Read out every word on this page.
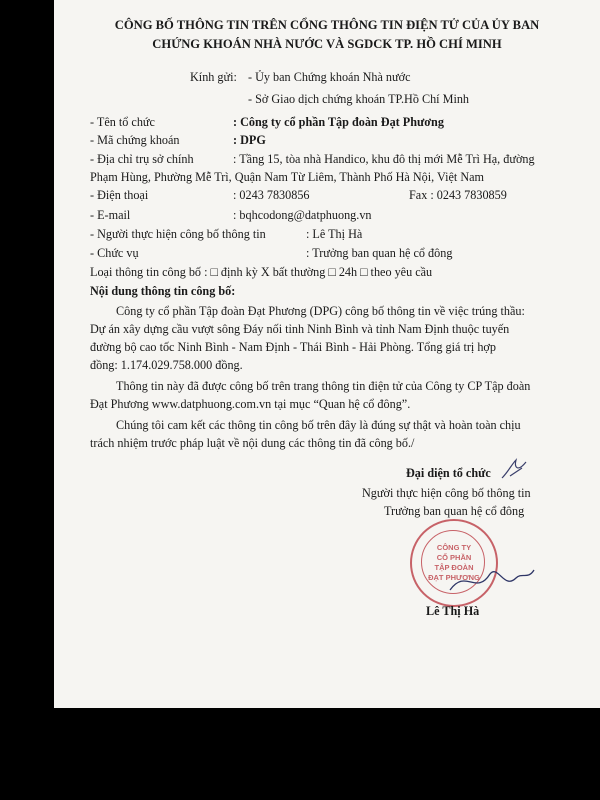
CÔNG BỐ THÔNG TIN TRÊN CỔNG THÔNG TIN ĐIỆN TỬ CỦA ỦY BAN
CHỨNG KHOÁN NHÀ NƯỚC VÀ SGDCK TP. HỒ CHÍ MINH
Kính gửi: - Ủy ban Chứng khoán Nhà nước
- Sở Giao dịch chứng khoán TP.Hồ Chí Minh
- Tên tổ chức	: Công ty cổ phần Tập đoàn Đạt Phương
- Mã chứng khoán	: DPG
- Địa chỉ trụ sở chính	: Tầng 15, tòa nhà Handico, khu đô thị mới Mễ Trì Hạ, đường
Phạm Hùng, Phường Mễ Trì, Quận Nam Từ Liêm, Thành Phố Hà Nội, Việt Nam
- Điện thoại	: 0243 7830856	Fax : 0243 7830859
- E-mail	: bqhcodong@datphuong.vn
- Người thực hiện công bố thông tin	: Lê Thị Hà
- Chức vụ	: Trưởng ban quan hệ cổ đông
Loại thông tin công bố : □ định kỳ X bất thường □ 24h □ theo yêu cầu
Nội dung thông tin công bố:
Công ty cổ phần Tập đoàn Đạt Phương (DPG) công bố thông tin về việc trúng thầu:
Dự án xây dựng cầu vượt sông Đáy nối tỉnh Ninh Bình và tỉnh Nam Định thuộc tuyến
đường bộ cao tốc Ninh Bình - Nam Định - Thái Bình - Hải Phòng. Tổng giá trị hợp
đồng: 1.174.029.758.000 đồng.
Thông tin này đã được công bố trên trang thông tin điện tử của Công ty CP Tập đoàn
Đạt Phương www.datphuong.com.vn tại mục “Quan hệ cổ đông”.
Chúng tôi cam kết các thông tin công bố trên đây là đúng sự thật và hoàn toàn chịu
trách nhiệm trước pháp luật về nội dung các thông tin đã công bố./
Đại diện tổ chức
Người thực hiện công bố thông tin
Trưởng ban quan hệ cổ đông
CÔNG TY
CỔ PHẦN
TẬP ĐOÀN
ĐẠT PHƯƠNG
Lê Thị Hà
